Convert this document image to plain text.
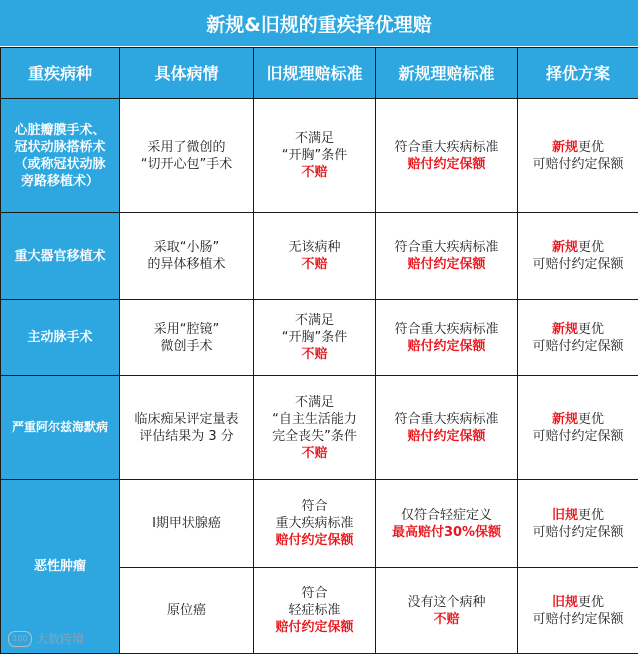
新规&旧规的重疾择优理赔
重疾病种	具体病情	旧规理赔标准	新规理赔标准	择优方案

心脏瓣膜手术、
冠状动脉搭桥术
（或称冠状动脉
旁路移植术）	采用了微创的
“切开心包”手术	不满足
“开胸”条件
不赔	符合重大疾病标准
赔付约定保额	新规更优
可赔付约定保额

重大器官移植术	采取“小肠”
的异体移植术	无该病种
不赔	符合重大疾病标准
赔付约定保额	新规更优
可赔付约定保额

主动脉手术	采用“腔镜”
微创手术	不满足
“开胸”条件
不赔	符合重大疾病标准
赔付约定保额	新规更优
可赔付约定保额

严重阿尔兹海默病	临床痴呆评定量表
评估结果为 3 分	不满足
“自主生活能力
完全丧失”条件
不赔	符合重大疾病标准
赔付约定保额	新规更优
可赔付约定保额

恶性肿瘤	I期甲状腺癌	符合
重大疾病标准
赔付约定保额	仅符合轻症定义
最高赔付30%保额	旧规更优
可赔付约定保额

	原位癌	符合
轻症标准
赔付约定保额	没有这个病种
不赔	旧规更优
可赔付约定保额
100 大数跨境
